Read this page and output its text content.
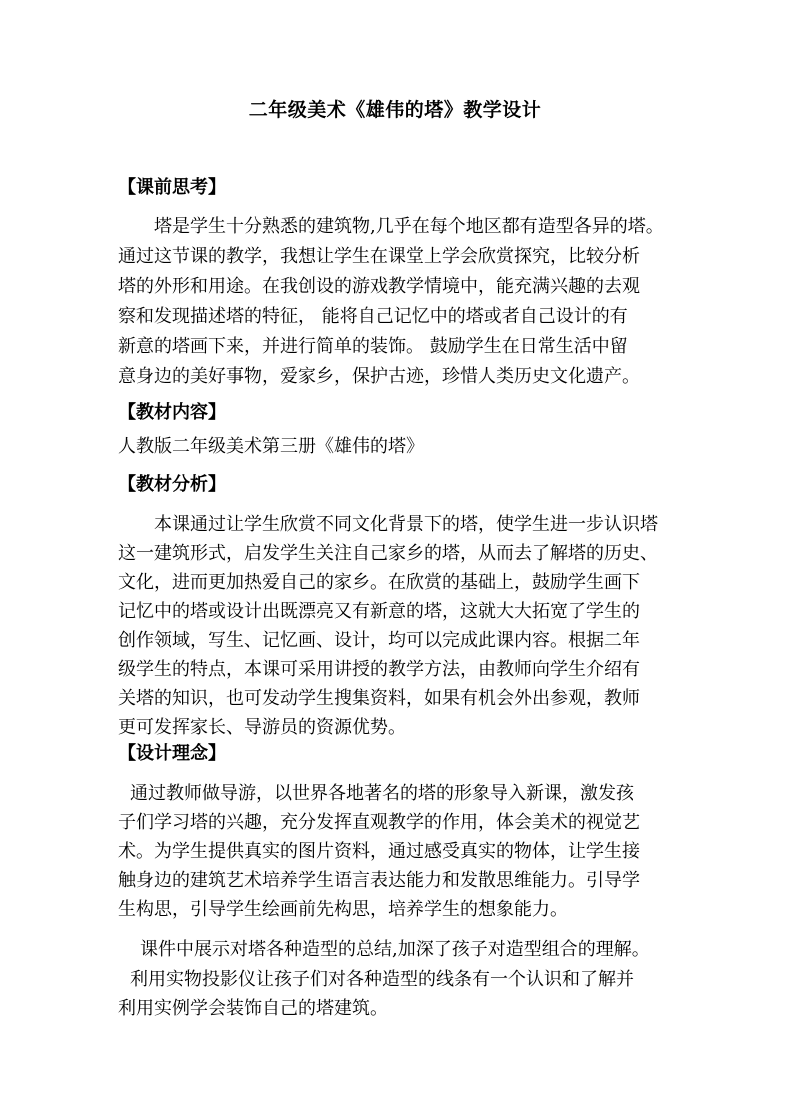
二年级美术《雄伟的塔》教学设计
【课前思考】
塔是学生十分熟悉的建筑物,几乎在每个地区都有造型各异的塔。
通过这节课的教学，我想让学生在课堂上学会欣赏探究，比较分析
塔的外形和用途。在我创设的游戏教学情境中，能充满兴趣的去观
察和发现描述塔的特征， 能将自己记忆中的塔或者自己设计的有
新意的塔画下来，并进行简单的装饰。 鼓励学生在日常生活中留
意身边的美好事物，爱家乡，保护古迹，珍惜人类历史文化遗产。
【教材内容】
人教版二年级美术第三册《雄伟的塔》
【教材分析】
本课通过让学生欣赏不同文化背景下的塔，使学生进一步认识塔
这一建筑形式，启发学生关注自己家乡的塔，从而去了解塔的历史、
文化，进而更加热爱自己的家乡。在欣赏的基础上，鼓励学生画下
记忆中的塔或设计出既漂亮又有新意的塔，这就大大拓宽了学生的
创作领域，写生、记忆画、设计，均可以完成此课内容。根据二年
级学生的特点，本课可采用讲授的教学方法，由教师向学生介绍有
关塔的知识，也可发动学生搜集资料，如果有机会外出参观，教师
更可发挥家长、导游员的资源优势。
【设计理念】
通过教师做导游，以世界各地著名的塔的形象导入新课，激发孩
子们学习塔的兴趣，充分发挥直观教学的作用，体会美术的视觉艺
术。为学生提供真实的图片资料，通过感受真实的物体，让学生接
触身边的建筑艺术培养学生语言表达能力和发散思维能力。引导学
生构思，引导学生绘画前先构思，培养学生的想象能力。
课件中展示对塔各种造型的总结,加深了孩子对造型组合的理解。
利用实物投影仪让孩子们对各种造型的线条有一个认识和了解并
利用实例学会装饰自己的塔建筑。
